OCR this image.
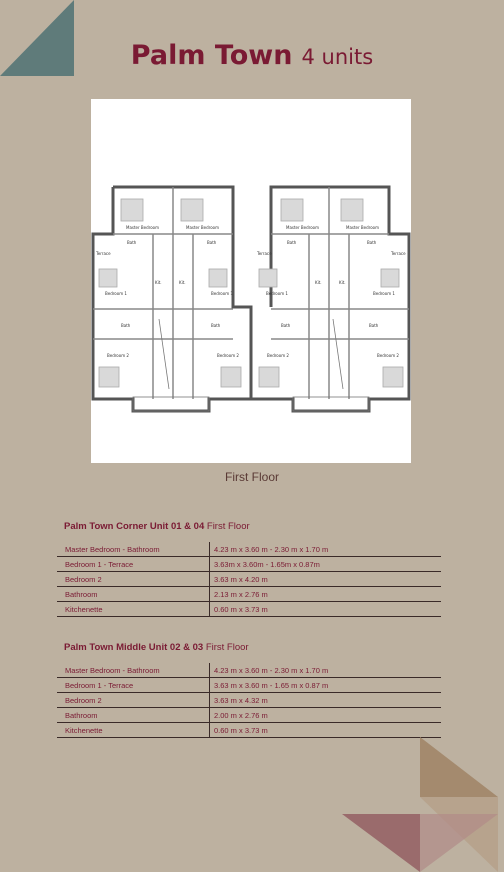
Palm Town 4 units
Master Bedroom	Master Bedroom	Master Bedroom	Master Bedroom
Bath	Bath	Bath	Bath
Terrace	Terrace	Terrace
Bedroom 1	Bedroom 1	Bedroom 1	Bedroom 1
Kit.	Kit.	Kit.	Kit.
Bath	Bath	Bath	Bath
Bedroom 2	Bedroom 2	Bedroom 2	Bedroom 2
First Floor
Palm Town Corner Unit 01 & 04 First Floor
Master Bedroom - Bathroom	4.23 m x 3.60 m - 2.30 m x 1.70 m
Bedroom 1 - Terrace	3.63m x 3.60m - 1.65m x 0.87m
Bedroom 2	3.63 m x 4.20 m
Bathroom	2.13 m x 2.76 m
Kitchenette	0.60 m x 3.73 m
Palm Town Middle Unit 02 & 03 First Floor
Master Bedroom - Bathroom	4.23 m x 3.60 m - 2.30 m x 1.70 m
Bedroom 1 - Terrace	3.63 m x 3.60 m - 1.65 m x 0.87 m
Bedroom 2	3.63 m x 4.32 m
Bathroom	2.00 m x 2.76 m
Kitchenette	0.60 m x 3.73 m
